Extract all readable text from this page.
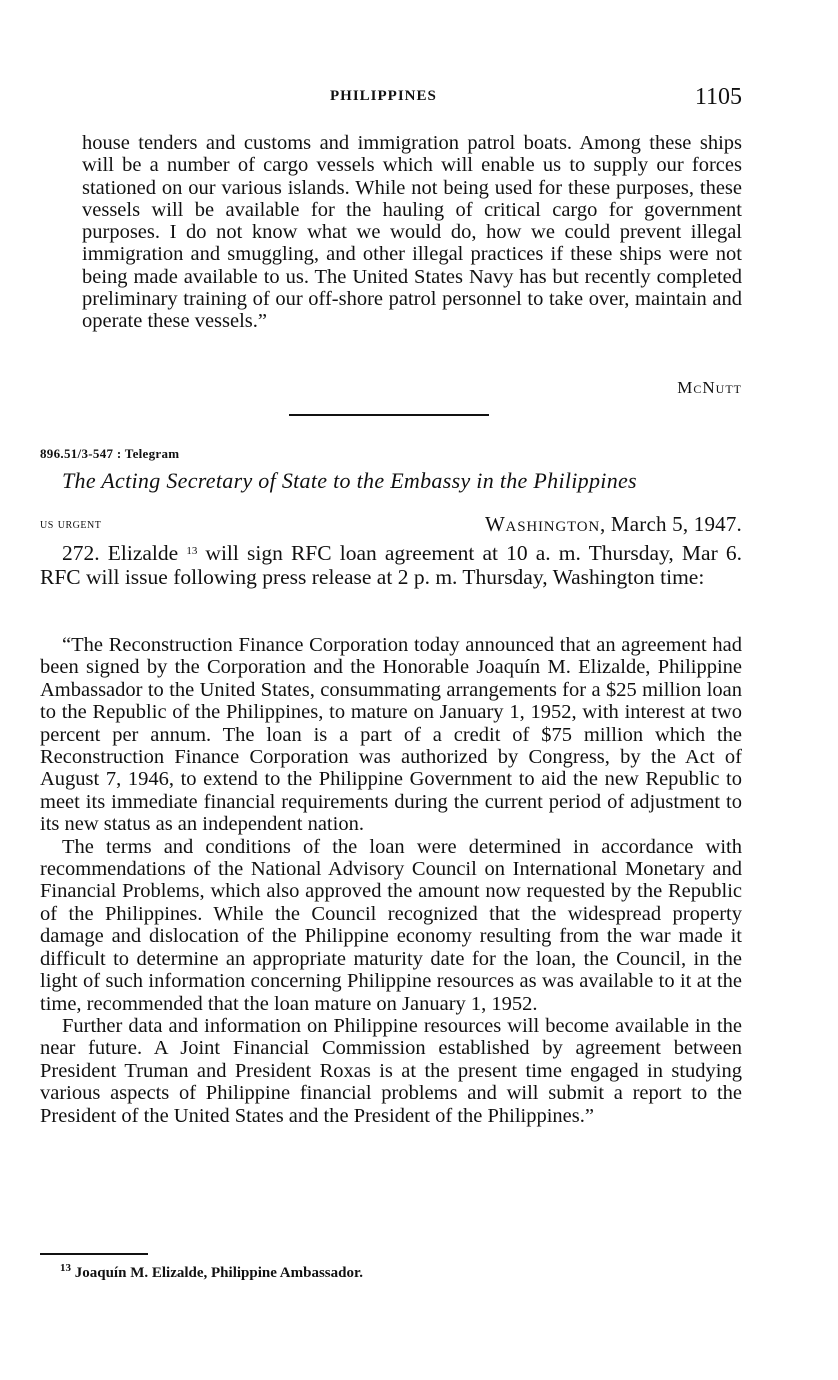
PHILIPPINES	1105

house tenders and customs and immigration patrol boats. Among these ships will be a number of cargo vessels which will enable us to supply our forces stationed on our various islands. While not being used for these purposes, these vessels will be available for the hauling of critical cargo for government purposes. I do not know what we would do, how we could prevent illegal immigration and smuggling, and other illegal practices if these ships were not being made available to us. The United States Navy has but recently completed preliminary training of our off-shore patrol personnel to take over, maintain and operate these vessels.”

McNutt
896.51/3-547 : Telegram
The Acting Secretary of State to the Embassy in the Philippines
us urgent	Washington, March 5, 1947.

272. Elizalde $^{13}$ will sign RFC loan agreement at 10 a. m. Thursday, Mar 6. RFC will issue following press release at 2 p. m. Thursday, Washington time:

“The Reconstruction Finance Corporation today announced that an agreement had been signed by the Corporation and the Honorable Joaquín M. Elizalde, Philippine Ambassador to the United States, consummating arrangements for a $25 million loan to the Republic of the Philippines, to mature on January 1, 1952, with interest at two percent per annum. The loan is a part of a credit of $75 million which the Reconstruction Finance Corporation was authorized by Congress, by the Act of August 7, 1946, to extend to the Philippine Government to aid the new Republic to meet its immediate financial requirements during the current period of adjustment to its new status as an independent nation.

The terms and conditions of the loan were determined in accordance with recommendations of the National Advisory Council on International Monetary and Financial Problems, which also approved the amount now requested by the Republic of the Philippines. While the Council recognized that the widespread property damage and dislocation of the Philippine economy resulting from the war made it difficult to determine an appropriate maturity date for the loan, the Council, in the light of such information concerning Philippine resources as was available to it at the time, recommended that the loan mature on January 1, 1952.

Further data and information on Philippine resources will become available in the near future. A Joint Financial Commission established by agreement between President Truman and President Roxas is at the present time engaged in studying various aspects of Philippine financial problems and will submit a report to the President of the United States and the President of the Philippines.”

$^{13}$ Joaquín M. Elizalde, Philippine Ambassador.
